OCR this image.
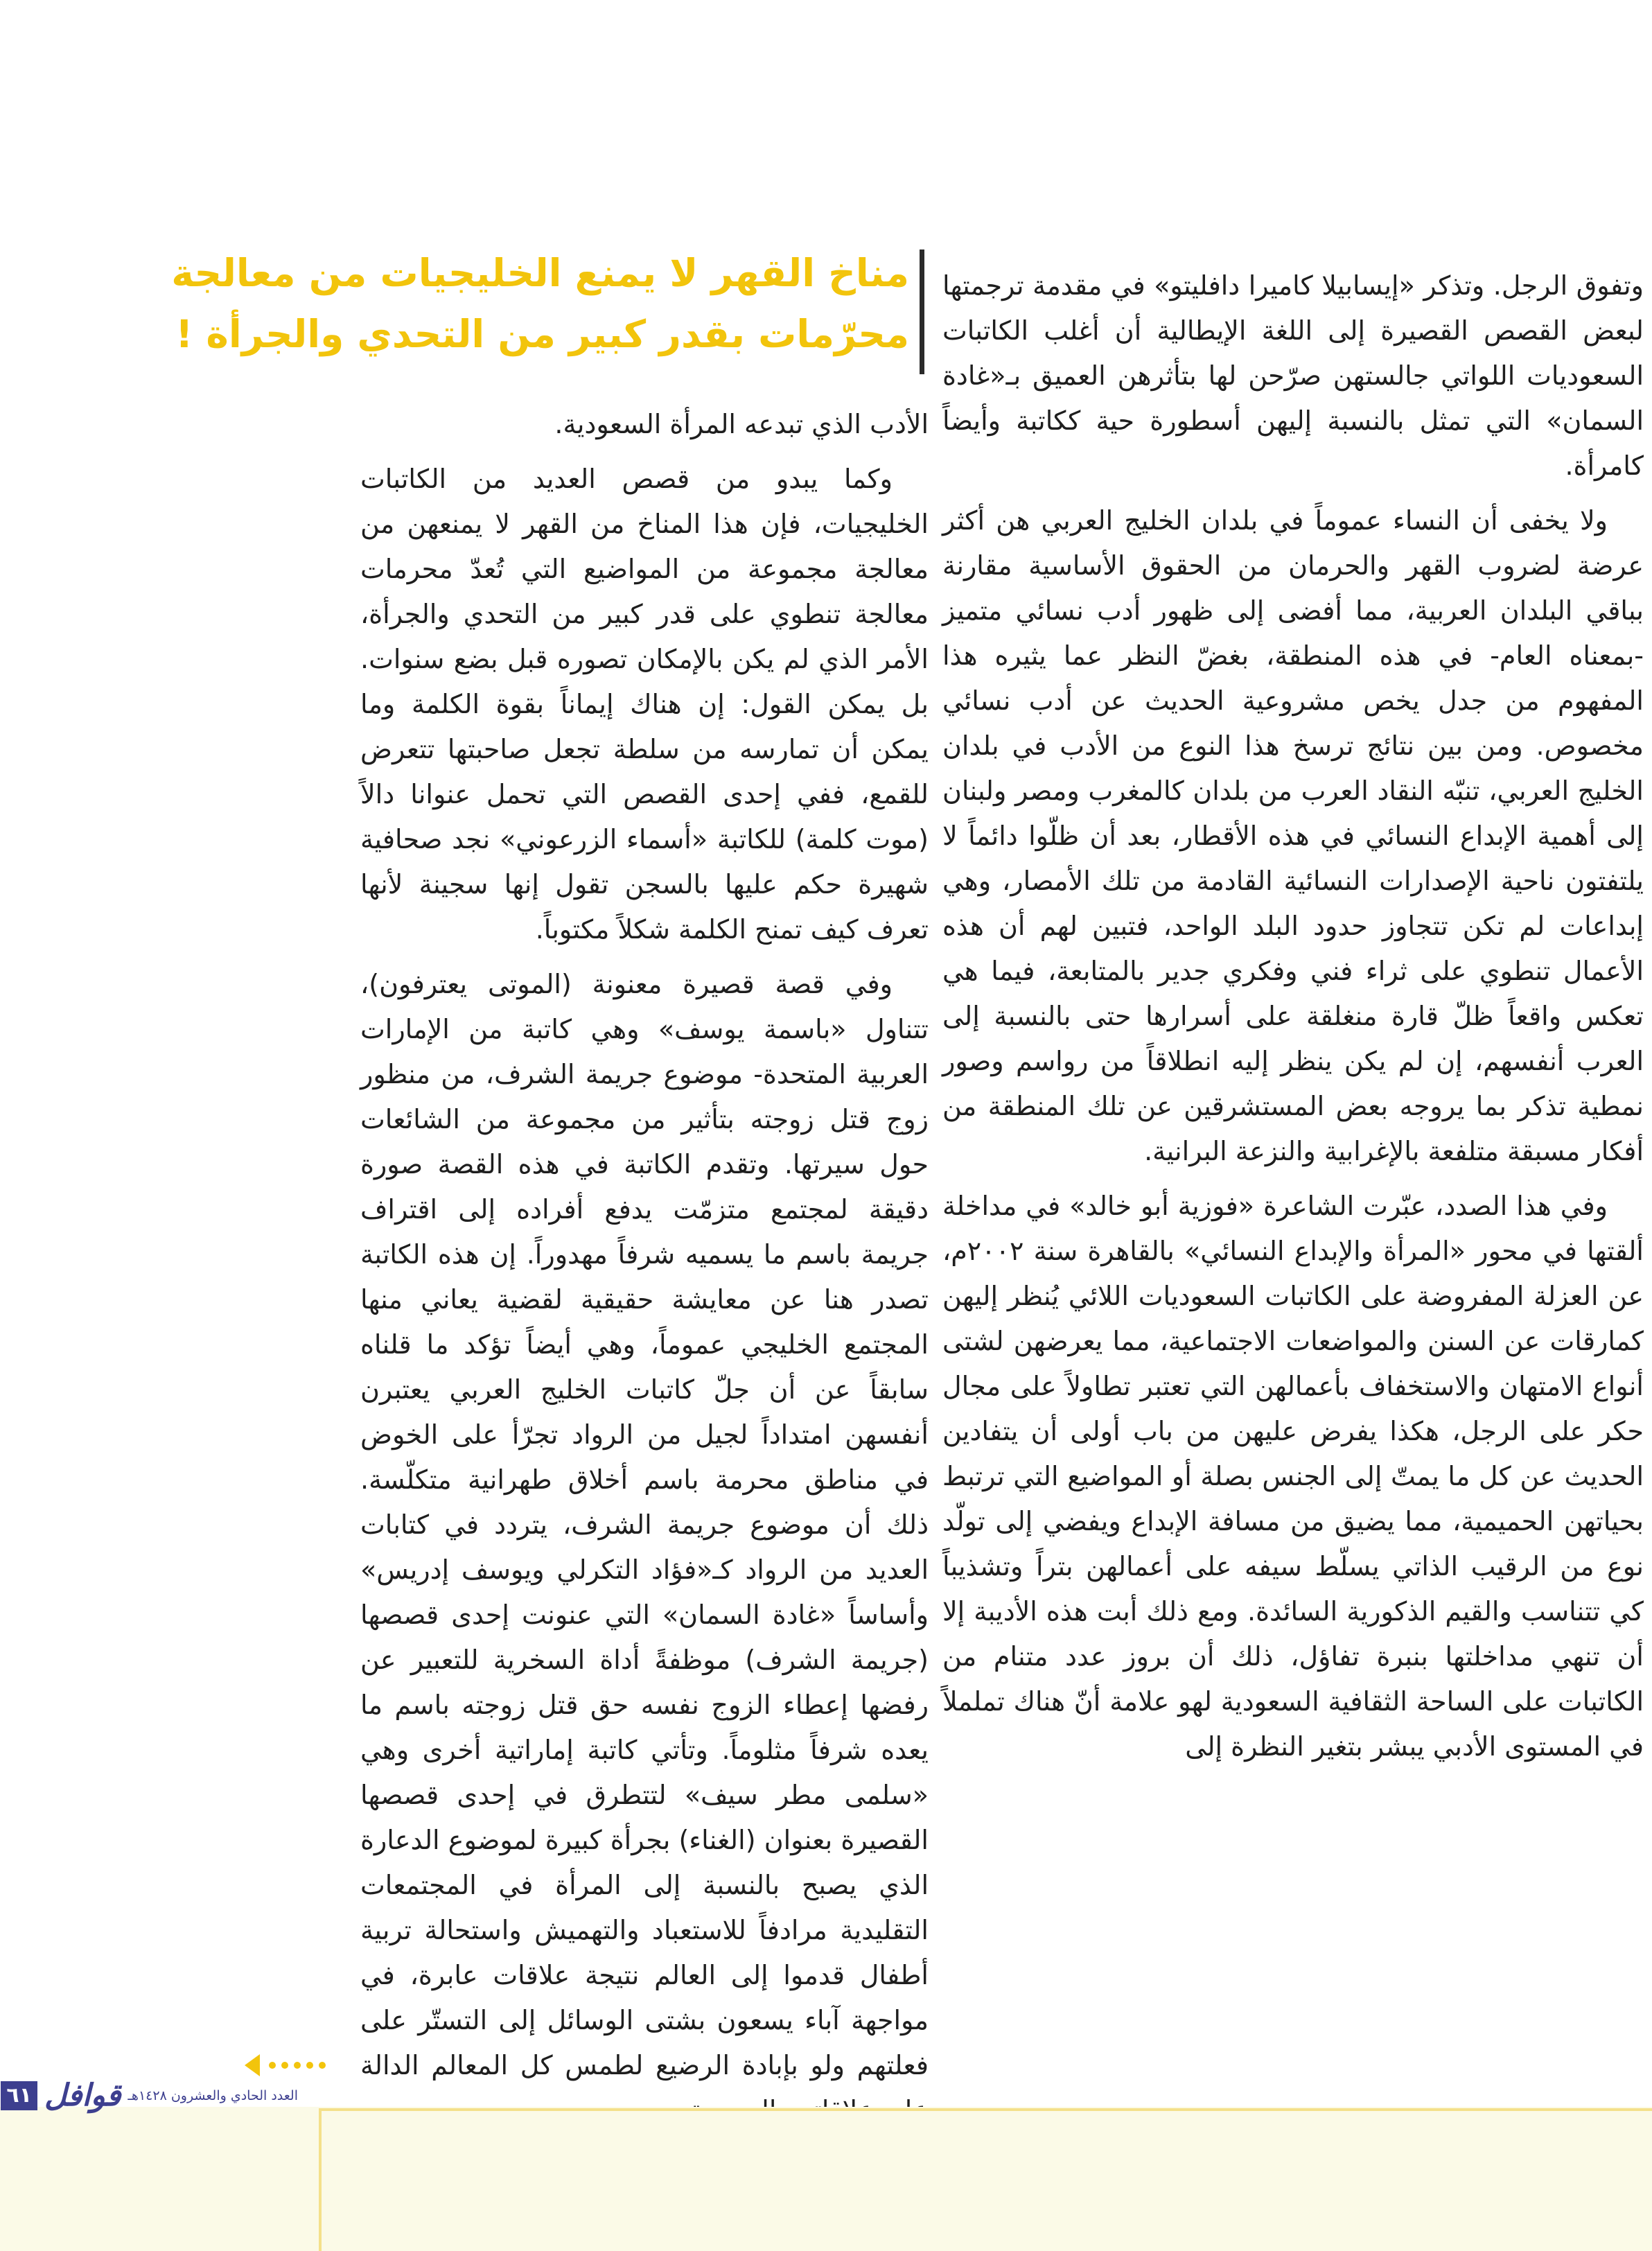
مناخ القهر لا يمنع الخليجيات من معالجة
محرّمات بقدر كبير من التحدي والجرأة !

وتفوق الرجل. وتذكر «إيسابيلا كاميرا دافليتو» في مقدمة ترجمتها لبعض القصص القصيرة إلى اللغة الإيطالية أن أغلب الكاتبات السعوديات اللواتي جالستهن صرّحن لها بتأثرهن العميق بـ«غادة السمان» التي تمثل بالنسبة إليهن أسطورة حية ككاتبة وأيضاً كامرأة.

ولا يخفى أن النساء عموماً في بلدان الخليج العربي هن أكثر عرضة لضروب القهر والحرمان من الحقوق الأساسية مقارنة بباقي البلدان العربية، مما أفضى إلى ظهور أدب نسائي متميز -بمعناه العام- في هذه المنطقة، بغضّ النظر عما يثيره هذا المفهوم من جدل يخص مشروعية الحديث عن أدب نسائي مخصوص. ومن بين نتائج ترسخ هذا النوع من الأدب في بلدان الخليج العربي، تنبّه النقاد العرب من بلدان كالمغرب ومصر ولبنان إلى أهمية الإبداع النسائي في هذه الأقطار، بعد أن ظلّوا دائماً لا يلتفتون ناحية الإصدارات النسائية القادمة من تلك الأمصار، وهي إبداعات لم تكن تتجاوز حدود البلد الواحد، فتبين لهم أن هذه الأعمال تنطوي على ثراء فني وفكري جدير بالمتابعة، فيما هي تعكس واقعاً ظلّ قارة منغلقة على أسرارها حتى بالنسبة إلى العرب أنفسهم، إن لم يكن ينظر إليه انطلاقاً من رواسم وصور نمطية تذكر بما يروجه بعض المستشرقين عن تلك المنطقة من أفكار مسبقة متلفعة بالإغرابية والنزعة البرانية.

وفي هذا الصدد، عبّرت الشاعرة «فوزية أبو خالد» في مداخلة ألقتها في محور «المرأة والإبداع النسائي» بالقاهرة سنة ٢٠٠٢م، عن العزلة المفروضة على الكاتبات السعوديات اللائي يُنظر إليهن كمارقات عن السنن والمواضعات الاجتماعية، مما يعرضهن لشتى أنواع الامتهان والاستخفاف بأعمالهن التي تعتبر تطاولاً على مجال حكر على الرجل، هكذا يفرض عليهن من باب أولى أن يتفادين الحديث عن كل ما يمتّ إلى الجنس بصلة أو المواضيع التي ترتبط بحياتهن الحميمية، مما يضيق من مسافة الإبداع ويفضي إلى تولّد نوع من الرقيب الذاتي يسلّط سيفه على أعمالهن بتراً وتشذيباً كي تتناسب والقيم الذكورية السائدة. ومع ذلك أبت هذه الأديبة إلا أن تنهي مداخلتها بنبرة تفاؤل، ذلك أن بروز عدد متنام من الكاتبات على الساحة الثقافية السعودية لهو علامة أنّ هناك تململاً في المستوى الأدبي يبشر بتغير النظرة إلى

الأدب الذي تبدعه المرأة السعودية.

وكما يبدو من قصص العديد من الكاتبات الخليجيات، فإن هذا المناخ من القهر لا يمنعهن من معالجة مجموعة من المواضيع التي تُعدّ محرمات معالجة تنطوي على قدر كبير من التحدي والجرأة، الأمر الذي لم يكن بالإمكان تصوره قبل بضع سنوات. بل يمكن القول: إن هناك إيماناً بقوة الكلمة وما يمكن أن تمارسه من سلطة تجعل صاحبتها تتعرض للقمع، ففي إحدى القصص التي تحمل عنوانا دالاً (موت كلمة) للكاتبة «أسماء الزرعوني» نجد صحافية شهيرة حكم عليها بالسجن تقول إنها سجينة لأنها تعرف كيف تمنح الكلمة شكلاً مكتوباً.

وفي قصة قصيرة معنونة (الموتى يعترفون)، تتناول «باسمة يوسف» وهي كاتبة من الإمارات العربية المتحدة- موضوع جريمة الشرف، من منظور زوج قتل زوجته بتأثير من مجموعة من الشائعات حول سيرتها. وتقدم الكاتبة في هذه القصة صورة دقيقة لمجتمع متزمّت يدفع أفراده إلى اقتراف جريمة باسم ما يسميه شرفاً مهدوراً. إن هذه الكاتبة تصدر هنا عن معايشة حقيقية لقضية يعاني منها المجتمع الخليجي عموماً، وهي أيضاً تؤكد ما قلناه سابقاً عن أن جلّ كاتبات الخليج العربي يعتبرن أنفسهن امتداداً لجيل من الرواد تجرّأ على الخوض في مناطق محرمة باسم أخلاق طهرانية متكلّسة. ذلك أن موضوع جريمة الشرف، يتردد في كتابات العديد من الرواد كـ«فؤاد التكرلي ويوسف إدريس» وأساساً «غادة السمان» التي عنونت إحدى قصصها (جريمة الشرف) موظفةً أداة السخرية للتعبير عن رفضها إعطاء الزوج نفسه حق قتل زوجته باسم ما يعده شرفاً مثلوماً. وتأتي كاتبة إماراتية أخرى وهي «سلمى مطر سيف» لتتطرق في إحدى قصصها القصيرة بعنوان (الغناء) بجرأة كبيرة لموضوع الدعارة الذي يصبح بالنسبة إلى المرأة في المجتمعات التقليدية مرادفاً للاستعباد والتهميش واستحالة تربية أطفال قدموا إلى العالم نتيجة علاقات عابرة، في مواجهة آباء يسعون بشتى الوسائل إلى التستّر على فعلتهم ولو بإبادة الرضيع لطمس كل المعالم الدالة

العدد الحادي والعشرون ١٤٢٨هـ
قوافل
٦١
